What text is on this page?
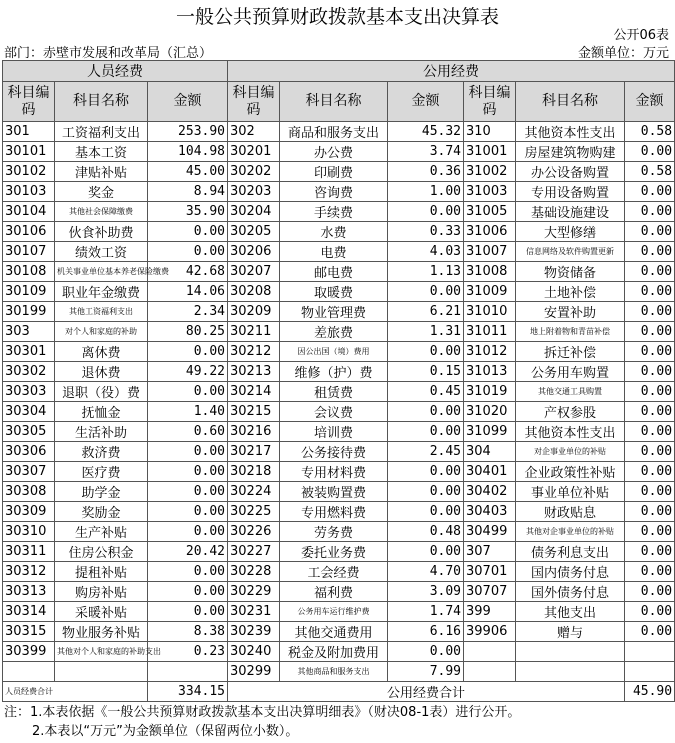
一般公共预算财政拨款基本支出决算表
公开06表
部门：赤壁市发展和改革局（汇总）	金额单位：万元
人员经费			公用经费					
科目编码	科目名称	金额	科目编码	科目名称	金额	科目编码	科目名称	金额
301	工资福利支出	253.90	302	商品和服务支出	45.32	310	其他资本性支出	0.58
30101	基本工资	104.98	30201	办公费	3.74	31001	房屋建筑物购建	0.00
30102	津贴补贴	45.00	30202	印刷费	0.36	31002	办公设备购置	0.58
30103	奖金	8.94	30203	咨询费	1.00	31003	专用设备购置	0.00
30104	其他社会保障缴费	35.90	30204	手续费	0.00	31005	基础设施建设	0.00
30106	伙食补助费	0.00	30205	水费	0.33	31006	大型修缮	0.00
30107	绩效工资	0.00	30206	电费	4.03	31007	信息网络及软件购置更新	0.00
30108	机关事业单位基本养老保险缴费	42.68	30207	邮电费	1.13	31008	物资储备	0.00
30109	职业年金缴费	14.06	30208	取暖费	0.00	31009	土地补偿	0.00
30199	其他工资福利支出	2.34	30209	物业管理费	6.21	31010	安置补助	0.00
303	对个人和家庭的补助	80.25	30211	差旅费	1.31	31011	地上附着物和青苗补偿	0.00
30301	离休费	0.00	30212	因公出国（境）费用	0.00	31012	拆迁补偿	0.00
30302	退休费	49.22	30213	维修（护）费	0.15	31013	公务用车购置	0.00
30303	退职（役）费	0.00	30214	租赁费	0.45	31019	其他交通工具购置	0.00
30304	抚恤金	1.40	30215	会议费	0.00	31020	产权参股	0.00
30305	生活补助	0.60	30216	培训费	0.00	31099	其他资本性支出	0.00
30306	救济费	0.00	30217	公务接待费	2.45	304	对企事业单位的补贴	0.00
30307	医疗费	0.00	30218	专用材料费	0.00	30401	企业政策性补贴	0.00
30308	助学金	0.00	30224	被装购置费	0.00	30402	事业单位补贴	0.00
30309	奖励金	0.00	30225	专用燃料费	0.00	30403	财政贴息	0.00
30310	生产补贴	0.00	30226	劳务费	0.48	30499	其他对企事业单位的补贴	0.00
30311	住房公积金	20.42	30227	委托业务费	0.00	307	债务利息支出	0.00
30312	提租补贴	0.00	30228	工会经费	4.70	30701	国内债务付息	0.00
30313	购房补贴	0.00	30229	福利费	3.09	30707	国外债务付息	0.00
30314	采暖补贴	0.00	30231	公务用车运行维护费	1.74	399	其他支出	0.00
30315	物业服务补贴	8.38	30239	其他交通费用	6.16	39906	赠与	0.00
30399	其他对个人和家庭的补助支出	0.23	30240	税金及附加费用	0.00			
			30299	其他商品和服务支出	7.99			
人员经费合计		334.15	公用经费合计					45.90
注：1.本表依据《一般公共预算财政拨款基本支出决算明细表》（财决08-1表）进行公开。
2.本表以“万元”为金额单位（保留两位小数）。
